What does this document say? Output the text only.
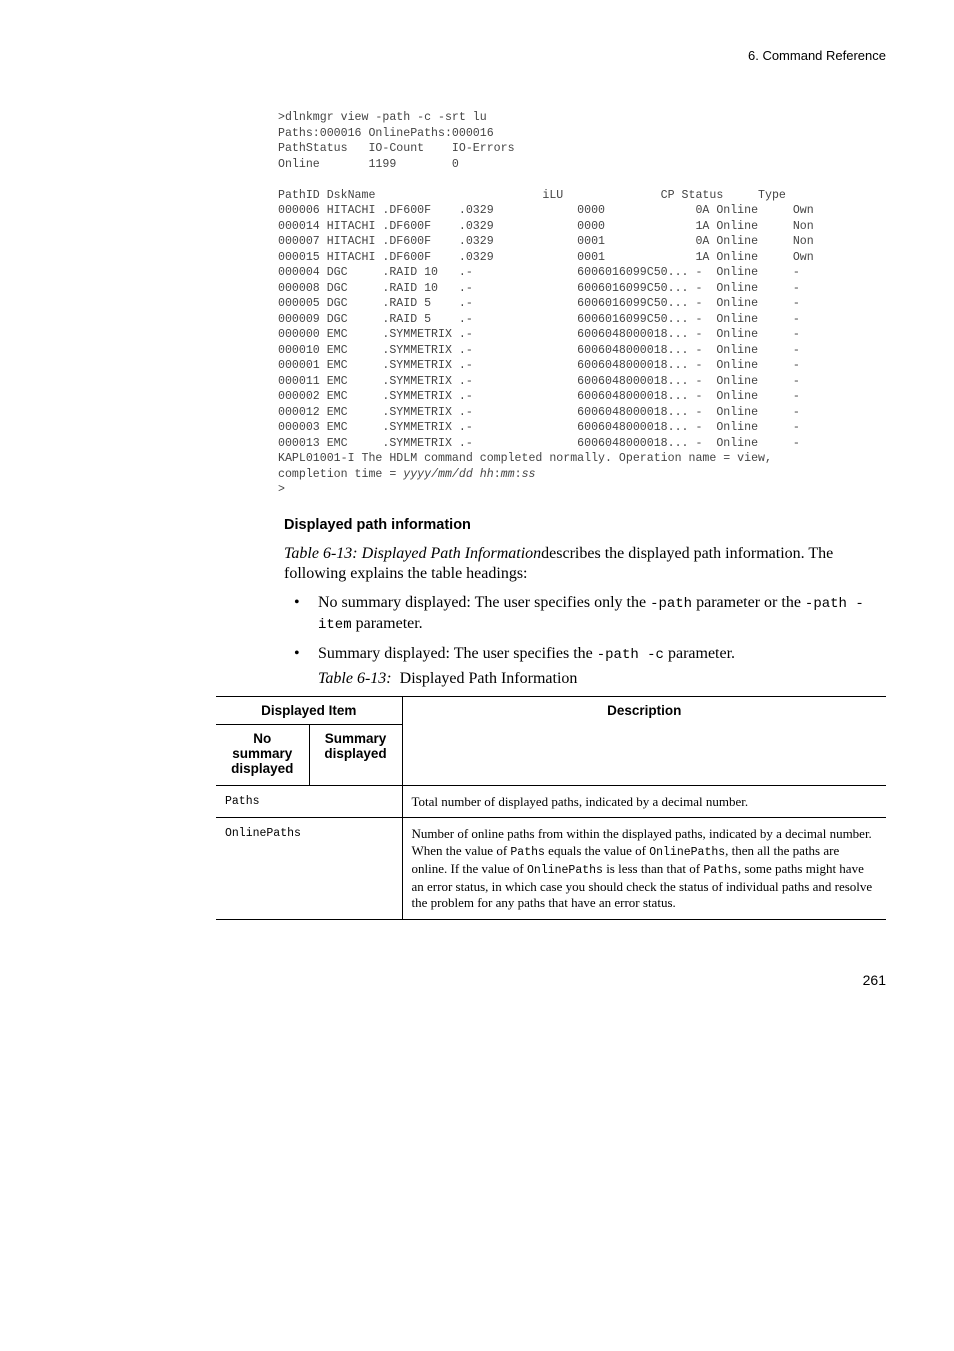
6. Command Reference
>dlnkmgr view -path -c -srt lu
Paths:000016 OnlinePaths:000016
PathStatus   IO-Count    IO-Errors
Online       1199        0

PathID DskName                        iLU              CP Status     Type
000006 HITACHI .DF600F    .0329            0000             0A Online     Own
000014 HITACHI .DF600F    .0329            0000             1A Online     Non
000007 HITACHI .DF600F    .0329            0001             0A Online     Non
000015 HITACHI .DF600F    .0329            0001             1A Online     Own
000004 DGC     .RAID 10   .-               6006016099C50... -  Online     -
000008 DGC     .RAID 10   .-               6006016099C50... -  Online     -
000005 DGC     .RAID 5    .-               6006016099C50... -  Online     -
000009 DGC     .RAID 5    .-               6006016099C50... -  Online     -
000000 EMC     .SYMMETRIX .-               6006048000018... -  Online     -
000010 EMC     .SYMMETRIX .-               6006048000018... -  Online     -
000001 EMC     .SYMMETRIX .-               6006048000018... -  Online     -
000011 EMC     .SYMMETRIX .-               6006048000018... -  Online     -
000002 EMC     .SYMMETRIX .-               6006048000018... -  Online     -
000012 EMC     .SYMMETRIX .-               6006048000018... -  Online     -
000003 EMC     .SYMMETRIX .-               6006048000018... -  Online     -
000013 EMC     .SYMMETRIX .-               6006048000018... -  Online     -
KAPL01001-I The HDLM command completed normally. Operation name = view,
completion time = yyyy/mm/dd hh:mm:ss
>
Displayed path information
Table 6-13: Displayed Path Informationdescribes the displayed path information. The following explains the table headings:
• No summary displayed: The user specifies only the -path parameter or the -path -item parameter.
• Summary displayed: The user specifies the -path -c parameter.
Table 6-13:  Displayed Path Information
Displayed Item		Description
No summary displayed	Summary displayed	
Paths		Total number of displayed paths, indicated by a decimal number.
OnlinePaths		Number of online paths from within the displayed paths, indicated by a decimal number. When the value of Paths equals the value of OnlinePaths, then all the paths are online. If the value of OnlinePaths is less than that of Paths, some paths might have an error status, in which case you should check the status of individual paths and resolve the problem for any paths that have an error status.
261
